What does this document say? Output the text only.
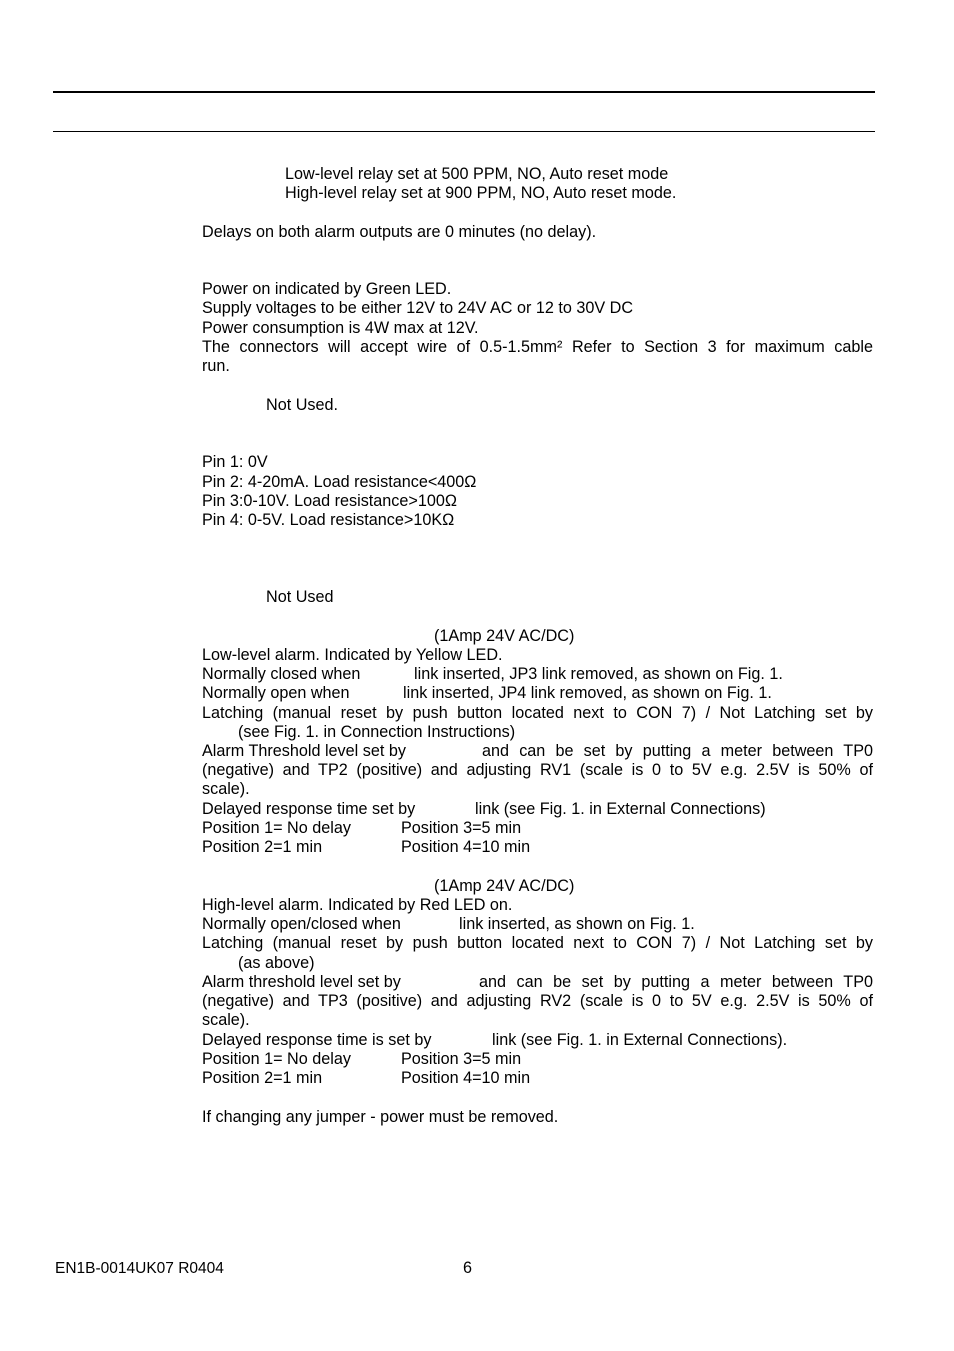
Low-level relay set at 500 PPM, NO, Auto reset mode
High-level relay set at 900 PPM, NO, Auto reset mode.
Delays on both alarm outputs are 0 minutes (no delay).
Power on indicated by Green LED.
Supply voltages to be either 12V to 24V AC or 12 to 30V DC
Power consumption is 4W max at 12V.
The connectors will accept wire of 0.5-1.5mm² Refer to Section 3 for maximum cable
run.
Not Used.
Pin 1: 0V
Pin 2: 4-20mA. Load resistance<400Ω
Pin 3:0-10V. Load resistance>100Ω
Pin 4: 0-5V. Load resistance>10KΩ
Not Used
(1Amp 24V AC/DC)
Low-level alarm. Indicated by Yellow LED.
Normally closed when	link inserted, JP3 link removed, as shown on Fig. 1.
Normally open when	link inserted, JP4 link removed, as shown on Fig. 1.
Latching (manual reset by push button located next to CON 7) / Not Latching set by
(see Fig. 1. in Connection Instructions)
Alarm Threshold level set by	and can be set by putting a meter between TP0
(negative) and TP2 (positive) and adjusting RV1 (scale is 0 to 5V e.g. 2.5V is 50% of
scale).
Delayed response time set by	link (see Fig. 1. in External Connections)
Position 1= No delay	Position 3=5 min
Position 2=1 min	Position 4=10 min
(1Amp 24V AC/DC)
High-level alarm. Indicated by Red LED on.
Normally open/closed when	link inserted, as shown on Fig. 1.
Latching (manual reset by push button located next to CON 7) / Not Latching set by
(as above)
Alarm threshold level set by	and can be set by putting a meter between TP0
(negative) and TP3 (positive) and adjusting RV2 (scale is 0 to 5V e.g. 2.5V is 50% of
scale).
Delayed response time is set by	link (see Fig. 1. in External Connections).
Position 1= No delay	Position 3=5 min
Position 2=1 min	Position 4=10 min
If changing any jumper - power must be removed.
EN1B-0014UK07 R0404	6
